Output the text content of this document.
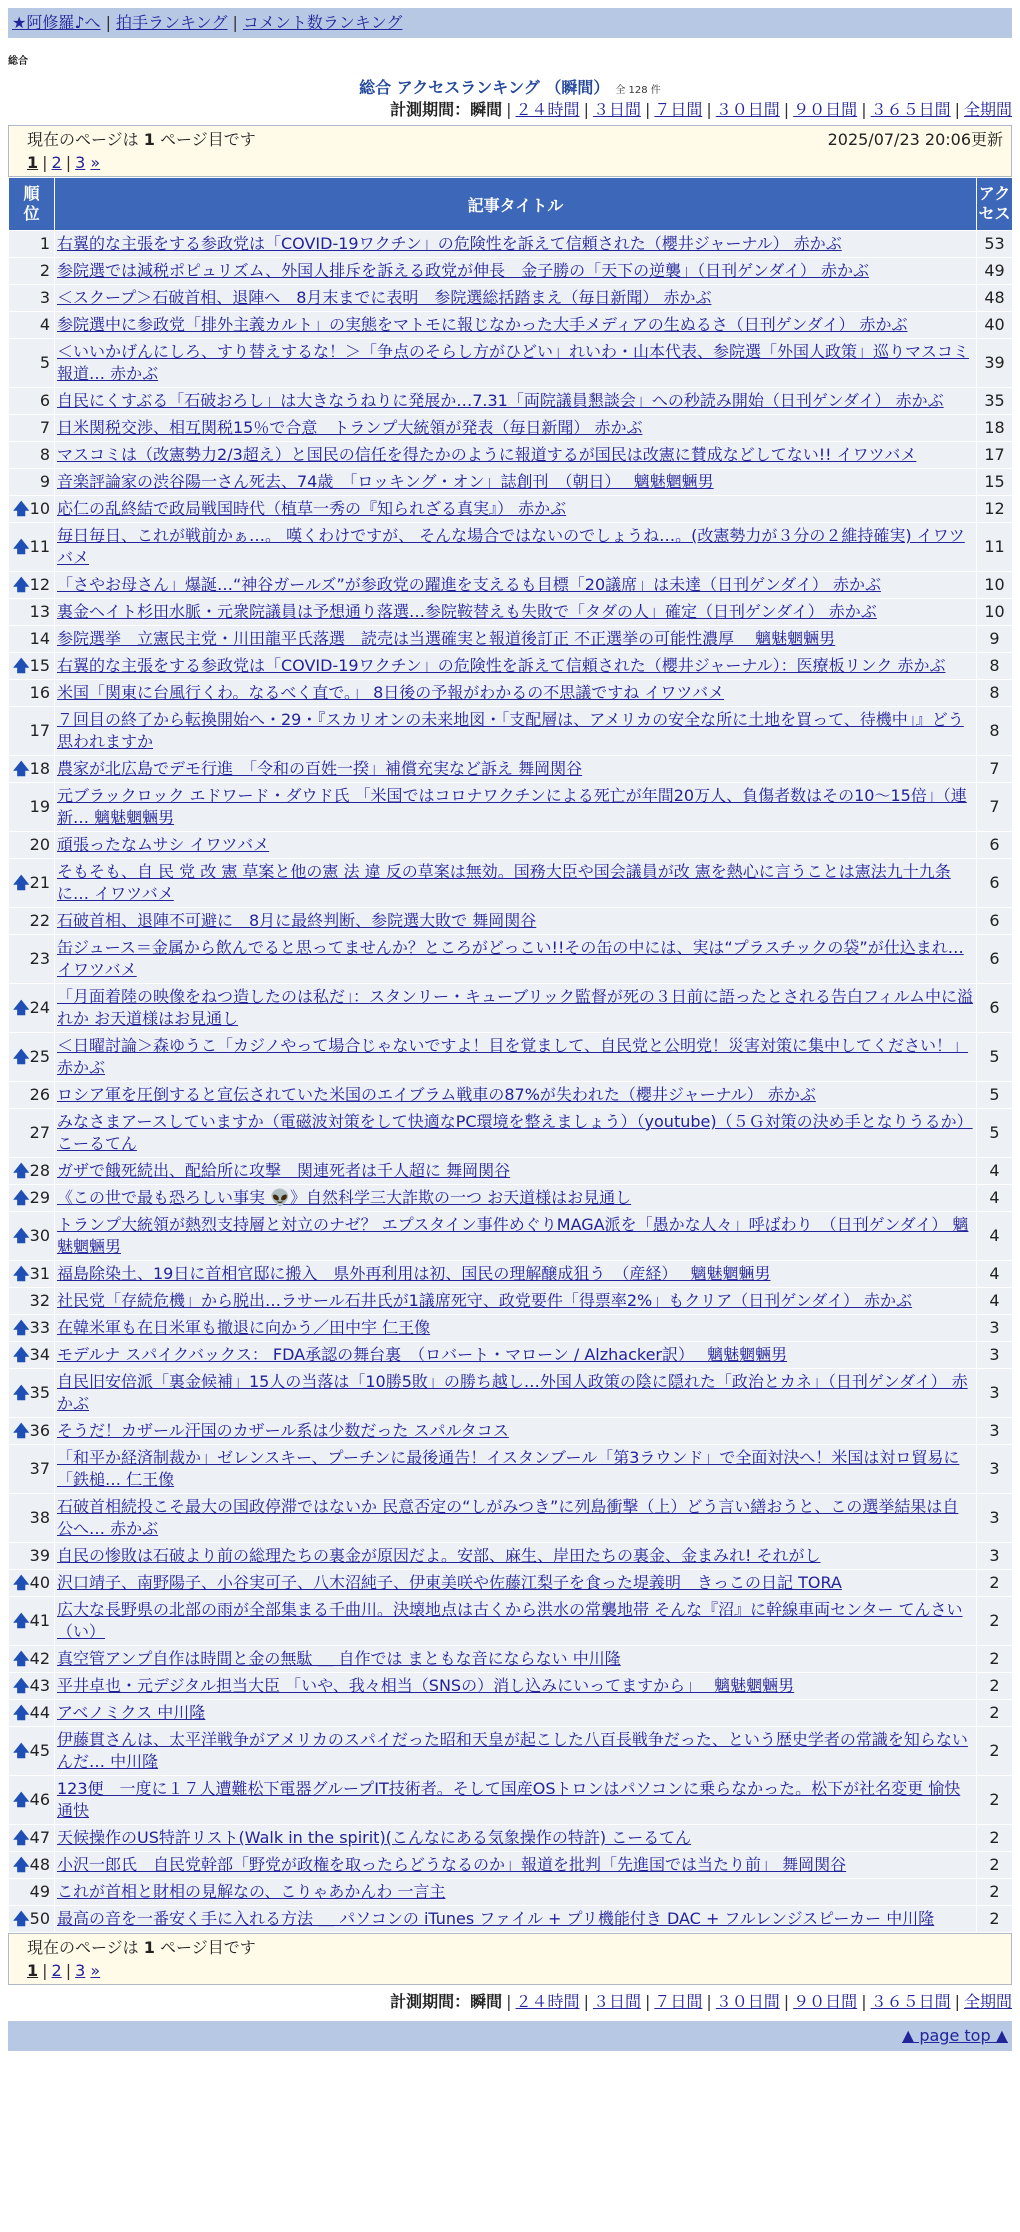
★阿修羅♪へ | 拍手ランキング | コメント数ランキング
総合
総合 アクセスランキング （瞬間） 全 128 件
計測期間：瞬間 | ２４時間 | ３日間 | ７日間 | ３０日間 | ９０日間 | ３６５日間 | 全期間
現在のページは 1 ページ目です	2025/07/23 20:06更新
1 | 2 | 3 »
順位	記事タイトル	アクセス
1	右翼的な主張をする参政党は「COVID-19ワクチン」の危険性を訴えて信頼された（櫻井ジャーナル） 赤かぶ	53
2	参院選では減税ポピュリズム、外国人排斥を訴える政党が伸長　金子勝の「天下の逆襲」（日刊ゲンダイ） 赤かぶ	49
3	＜スクープ＞石破首相、退陣へ　8月末までに表明　参院選総括踏まえ（毎日新聞） 赤かぶ	48
4	参院選中に参政党「排外主義カルト」の実態をマトモに報じなかった大手メディアの生ぬるさ（日刊ゲンダイ） 赤かぶ	40
5	＜いいかげんにしろ、すり替えするな！＞「争点のそらし方がひどい」れいわ・山本代表、参院選「外国人政策」巡りマスコミ報道… 赤かぶ	39
6	自民にくすぶる「石破おろし」は大きなうねりに発展か…7.31「両院議員懇談会」への秒読み開始（日刊ゲンダイ） 赤かぶ	35
7	日米関税交渉、相互関税15％で合意　トランプ大統領が発表（毎日新聞） 赤かぶ	18
8	マスコミは（改憲勢力2/3超え）と国民の信任を得たかのように報道するが国民は改憲に賛成などしてない!! イワツバメ	17
9	音楽評論家の渋谷陽一さん死去、74歳　「ロッキング・オン」誌創刊　（朝日）　 魑魅魍魎男	15

🡅 10	応仁の乱終結で政局戦国時代（植草一秀の『知られざる真実』） 赤かぶ	12

🡅 11	毎日毎日、これが戦前かぁ…。 嘆くわけですが、 そんな場合ではないのでしょうね…。(改憲勢力が３分の２維持確実) イワツバメ	11

🡅 12	「さやお母さん」爆誕…“神谷ガールズ”が参政党の躍進を支えるも目標「20議席」は未達（日刊ゲンダイ） 赤かぶ	10
13	裏金ヘイト杉田水脈・元衆院議員は予想通り落選…参院鞍替えも失敗で「タダの人」確定（日刊ゲンダイ） 赤かぶ	10
14	参院選挙　立憲民主党・川田龍平氏落選　読売は当選確実と報道後訂正 不正選挙の可能性濃厚　 魑魅魍魎男	9

🡅 15	右翼的な主張をする参政党は「COVID-19ワクチン」の危険性を訴えて信頼された（櫻井ジャーナル）：医療板リンク 赤かぶ	8
16	米国「関東に台風行くわ。なるべく直で。」 8日後の予報がわかるの不思議ですね イワツバメ	8
17	７回目の終了から転換開始へ・29・『スカリオンの未来地図・「支配層は、アメリカの安全な所に土地を買って、待機中」』どう思われますか	8

🡅 18	農家が北広島でデモ行進　「令和の百姓一揆」補償充実など訴え 舞岡関谷	7
19	元ブラックロック エドワード・ダウド氏 「米国ではコロナワクチンによる死亡が年間20万人、負傷者数はその10～15倍」（連新… 魑魅魍魎男	7
20	頑張ったなムサシ イワツバメ	6

🡅 21	そもそも、自 民 党 改 憲 草案と他の憲 法 違 反の草案は無効。国務大臣や国会議員が改 憲を熱心に言うことは憲法九十九条に… イワツバメ	6
22	石破首相、退陣不可避に　8月に最終判断、参院選大敗で 舞岡関谷	6
23	缶ジュース＝金属から飲んでると思ってませんか？ところがどっこい!!その缶の中には、実は“プラスチックの袋”が仕込まれ… イワツバメ	6

🡅 24	「月面着陸の映像をねつ造したのは私だ」：スタンリー・キューブリック監督が死の３日前に語ったとされる告白フィルム中に溢れか お天道様はお見通し	6

🡅 25	＜日曜討論＞森ゆうこ「カジノやって場合じゃないですよ！目を覚まして、自民党と公明党！災害対策に集中してください！」 赤かぶ	5
26	ロシア軍を圧倒すると宣伝されていた米国のエイブラム戦車の87%が失われた（櫻井ジャーナル） 赤かぶ	5
27	みなさまアースしていますか（電磁波対策をして快適なPC環境を整えましょう）（youtube)（５Ｇ対策の決め手となりうるか） こーるてん	5

🡅 28	ガザで餓死続出、配給所に攻撃　関連死者は千人超に 舞岡関谷	4

🡅 29	《この世で最も恐ろしい事実 👽》自然科学三大詐欺の一つ お天道様はお見通し	4

🡅 30	トランプ大統領が熱烈支持層と対立のナゼ？ エプスタイン事件めぐりMAGA派を「愚かな人々」呼ばわり　（日刊ゲンダイ） 魑魅魍魎男	4

🡅 31	福島除染土、19日に首相官邸に搬入　県外再利用は初、国民の理解醸成狙う　（産経）　 魑魅魍魎男	4
32	社民党「存続危機」から脱出…ラサール石井氏が1議席死守、政党要件「得票率2%」もクリア（日刊ゲンダイ） 赤かぶ	4

🡅 33	在韓米軍も在日米軍も撤退に向かう／田中宇 仁王像	3

🡅 34	モデルナ スパイクバックス： FDA承認の舞台裏　（ロバート・マローン / Alzhacker訳）　 魑魅魍魎男	3

🡅 35	自民旧安倍派「裏金候補」15人の当落は「10勝5敗」の勝ち越し…外国人政策の陰に隠れた「政治とカネ」（日刊ゲンダイ） 赤かぶ	3

🡅 36	そうだ！カザール汗国のカザール系は少数だった スパルタコス	3
37	「和平か経済制裁か」ゼレンスキー、プーチンに最後通告！イスタンブール「第3ラウンド」で全面対決へ！米国は対ロ貿易に「鉄槌… 仁王像	3
38	石破首相続投こそ最大の国政停滞ではないか 民意否定の“しがみつき”に列島衝撃（上）どう言い繕おうと、この選挙結果は自公へ… 赤かぶ	3
39	自民の惨敗は石破より前の総理たちの裏金が原因だよ。安部、麻生、岸田たちの裏金、金まみれ! それがし	3

🡅 40	沢口靖子、南野陽子、小谷実可子、八木沼純子、伊東美咲や佐藤江梨子を食った堤義明　きっこの日記 TORA	2

🡅 41	広大な長野県の北部の雨が全部集まる千曲川。決壊地点は古くから洪水の常襲地帯 そんな『沼』に幹線車両センター てんさい（い）	2

🡅 42	真空管アンプ自作は時間と金の無駄 ＿ 自作では まともな音にならない 中川隆	2

🡅 43	平井卓也・元デジタル担当大臣 「いや、我々相当（SNSの）消し込みにいってますから」　 魑魅魍魎男	2

🡅 44	アベノミクス 中川隆	2

🡅 45	伊藤貫さんは、太平洋戦争がアメリカのスパイだった昭和天皇が起こした八百長戦争だった、という歴史学者の常識を知らないんだ… 中川隆	2

🡅 46	123便　一度に１７人遭難松下電器グループIT技術者。そして国産OSトロンはパソコンに乗らなかった。松下が社名変更 愉快通快	2

🡅 47	天候操作のUS特許リスト(Walk in the spirit)(こんなにある気象操作の特許) こーるてん	2

🡅 48	小沢一郎氏　自民党幹部「野党が政権を取ったらどうなるのか」報道を批判「先進国では当たり前」 舞岡関谷	2
49	これが首相と財相の見解なの、こりゃあかんわ 一言主	2

🡅 50	最高の音を一番安く手に入れる方法 ＿ パソコンの iTunes ファイル + プリ機能付き DAC + フルレンジスピーカー 中川隆	2
現在のページは 1 ページ目です
1 | 2 | 3 »
計測期間：瞬間 | ２４時間 | ３日間 | ７日間 | ３０日間 | ９０日間 | ３６５日間 | 全期間
▲ page top ▲
